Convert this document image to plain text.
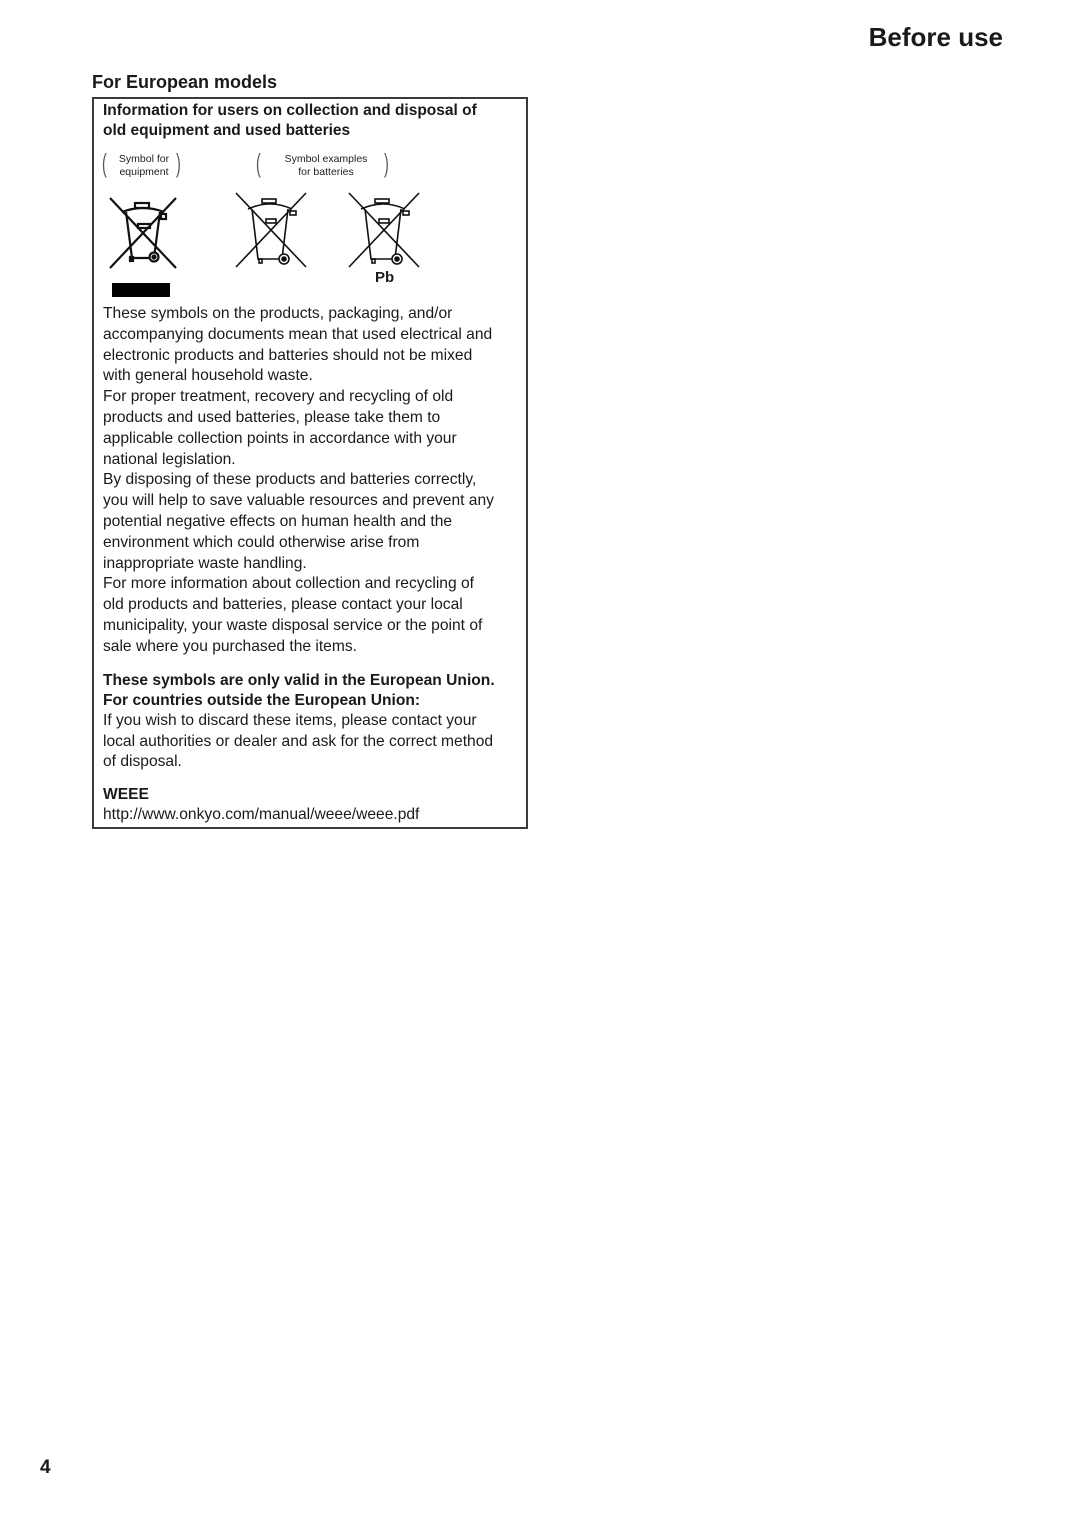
Before use
For European models
Information for users on collection and disposal of
old equipment and used batteries
(	Symbol for
equipment )	(	Symbol examples
for batteries	)
Pb

These symbols on the products, packaging, and/or
accompanying documents mean that used electrical and
electronic products and batteries should not be mixed
with general household waste.

For proper treatment, recovery and recycling of old
products and used batteries, please take them to
applicable collection points in accordance with your
national legislation.

By disposing of these products and batteries correctly,
you will help to save valuable resources and prevent any
potential negative effects on human health and the
environment which could otherwise arise from
inappropriate waste handling.

For more information about collection and recycling of
old products and batteries, please contact your local
municipality, your waste disposal service or the point of
sale where you purchased the items.

These symbols are only valid in the European Union.

For countries outside the European Union:

If you wish to discard these items, please contact your
local authorities or dealer and ask for the correct method
of disposal.

WEEE

http://www.onkyo.com/manual/weee/weee.pdf

4
